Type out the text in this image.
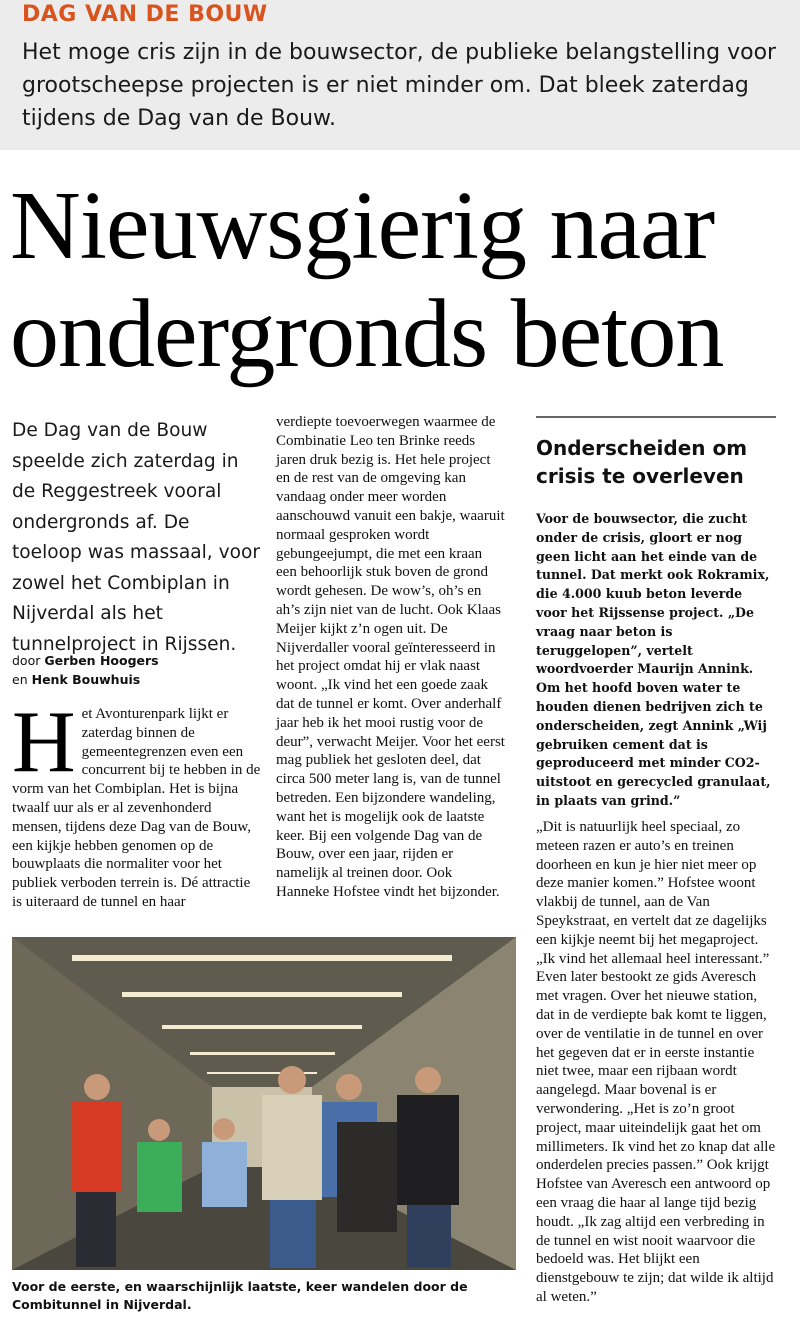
DAG VAN DE BOUW

Het moge cris zijn in de bouwsector, de publieke belangstelling voor grootscheepse projecten is er niet minder om. Dat bleek zaterdag tijdens de Dag van de Bouw.

Nieuwsgierig naar ondergronds beton

De Dag van de Bouw speelde zich zaterdag in de Reggestreek vooral ondergronds af. De toeloop was massaal, voor zowel het Combiplan in Nijverdal als het tunnelproject in Rijssen.

door Gerben Hoogers
en Henk Bouwhuis
Het Avonturenpark lijkt er zaterdag binnen de gemeentegrenzen even een concurrent bij te hebben in de vorm van het Combiplan. Het is bijna twaalf uur als er al zevenhonderd mensen, tijdens deze Dag van de Bouw, een kijkje hebben genomen op de bouwplaats die normaliter voor het publiek verboden terrein is. Dé attractie is uiteraard de tunnel en haar

verdiepte toevoerwegen waarmee de Combinatie Leo ten Brinke reeds jaren druk bezig is. Het hele project en de rest van de omgeving kan vandaag onder meer worden aanschouwd vanuit een bakje, waaruit normaal gesproken wordt gebungeejumpt, die met een kraan een behoorlijk stuk boven de grond wordt gehesen. De wow’s, oh’s en ah’s zijn niet van de lucht. Ook Klaas Meijer kijkt z’n ogen uit. De Nijverdaller vooral geïnteresseerd in het project omdat hij er vlak naast woont. „Ik vind het een goede zaak dat de tunnel er komt. Over anderhalf jaar heb ik het mooi rustig voor de deur”, verwacht Meijer. Voor het eerst mag publiek het gesloten deel, dat circa 500 meter lang is, van de tunnel betreden. Een bijzondere wandeling, want het is mogelijk ook de laatste keer. Bij een volgende Dag van de Bouw, over een jaar, rijden er namelijk al treinen door. Ook Hanneke Hofstee vindt het bijzonder.

Onderscheiden om crisis te overleven

Voor de bouwsector, die zucht onder de crisis, gloort er nog geen licht aan het einde van de tunnel. Dat merkt ook Rokramix, die 4.000 kuub beton leverde voor het Rijssense project. „De vraag naar beton is teruggelopen”, vertelt woordvoerder Maurijn Annink. Om het hoofd boven water te houden dienen bedrijven zich te onderscheiden, zegt Annink „Wij gebruiken cement dat is geproduceerd met minder CO2-uitstoot en gerecycled granulaat, in plaats van grind.”

„Dit is natuurlijk heel speciaal, zo meteen razen er auto’s en treinen doorheen en kun je hier niet meer op deze manier komen.” Hofstee woont vlakbij de tunnel, aan de Van Speykstraat, en vertelt dat ze dagelijks een kijkje neemt bij het megaproject. „Ik vind het allemaal heel interessant.” Even later bestookt ze gids Averesch met vragen. Over het nieuwe station, dat in de verdiepte bak komt te liggen, over de ventilatie in de tunnel en over het gegeven dat er in eerste instantie niet twee, maar een rijbaan wordt aangelegd. Maar bovenal is er verwondering. „Het is zo’n groot project, maar uiteindelijk gaat het om millimeters. Ik vind het zo knap dat alle onderdelen precies passen.” Ook krijgt Hofstee van Averesch een antwoord op een vraag die haar al lange tijd bezig houdt. „Ik zag altijd een verbreding in de tunnel en wist nooit waarvoor die bedoeld was. Het blijkt een dienstgebouw te zijn; dat wilde ik altijd al weten.”

Voor de eerste, en waarschijnlijk laatste, keer wandelen door de Combitunnel in Nijverdal.
